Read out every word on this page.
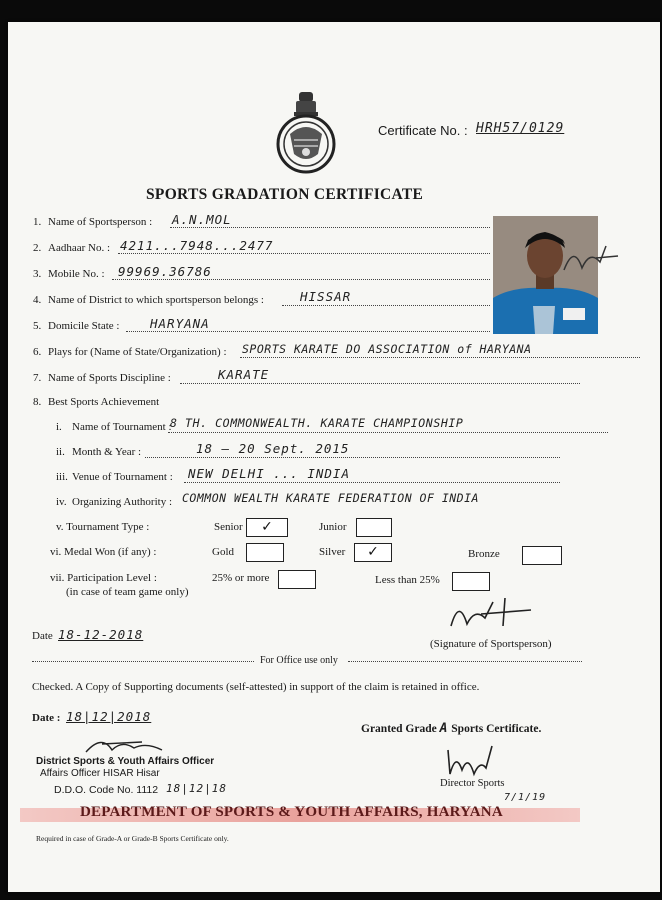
Certificate No. : HRH57/0129
SPORTS GRADATION CERTIFICATE
1. Name of Sportsperson : A.N.MOL
2. Aadhaar No. : 4211...7948...2477
3. Mobile No. : 99969.36786
4. Name of District to which sportsperson belongs :	HISSAR
5. Domicile State : HARYANA
6. Plays for (Name of State/Organization) : SPORTS KARATE DO ASSOCIATION of HARYANA
7. Name of Sports Discipline :	KARATE
8. Best Sports Achievement
i. Name of Tournament :
8 TH. COMMONWEALTH. KARATE CHAMPIONSHIP
ii. Month & Year :	18 – 20 Sept. 2015
iii. Venue of Tournament : NEW DELHI ... INDIA
iv. Organizing Authority : COMMON WEALTH KARATE FEDERATION OF INDIA
v. Tournament Type :	Senior	✓	Junior
vi. Medal Won (if any) :	Gold	Silver	✓	Bronze
vii. Participation Level :
(in case of team game only)
25% or more	Less than 25%
Date 18-12-2018
(Signature of Sportsperson)
For Office use only
Checked. A Copy of Supporting documents (self-attested) in support of the claim is retained in office.
Date : 18|12|2018
Granted Grade A Sports Certificate.
District Sports & Youth Affairs Officer
Affairs Officer HISAR Hisar
D.D.O. Code No. 1112 18|12|18	Director Sports
7/1/19
DEPARTMENT OF SPORTS & YOUTH AFFAIRS, HARYANA
Required in case of Grade-A or Grade-B Sports Certificate only.
